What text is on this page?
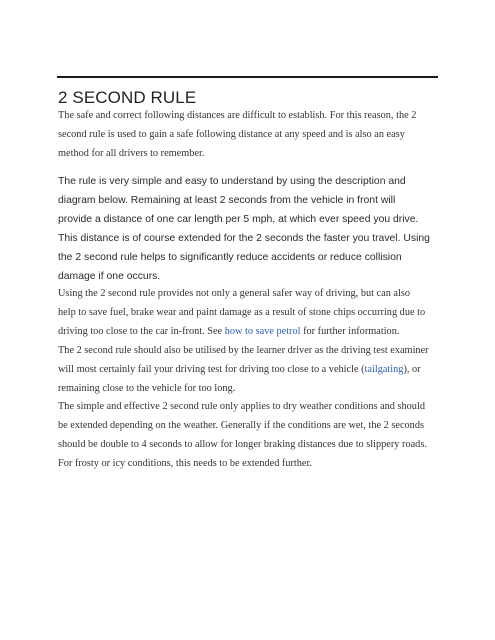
2 SECOND RULE
The safe and correct following distances are difficult to establish. For this reason, the 2
second rule is used to gain a safe following distance at any speed and is also an easy
method for all drivers to remember.
The rule is very simple and easy to understand by using the description and
diagram below. Remaining at least 2 seconds from the vehicle in front will
provide a distance of one car length per 5 mph, at which ever speed you drive.
This distance is of course extended for the 2 seconds the faster you travel. Using
the 2 second rule helps to significantly reduce accidents or reduce collision
damage if one occurs.
Using the 2 second rule provides not only a general safer way of driving, but can also
help to save fuel, brake wear and paint damage as a result of stone chips occurring due to
driving too close to the car in-front. See how to save petrol for further information.
The 2 second rule should also be utilised by the learner driver as the driving test examiner
will most certainly fail your driving test for driving too close to a vehicle (tailgating), or
remaining close to the vehicle for too long.
The simple and effective 2 second rule only applies to dry weather conditions and should
be extended depending on the weather. Generally if the conditions are wet, the 2 seconds
should be double to 4 seconds to allow for longer braking distances due to slippery roads.
For frosty or icy conditions, this needs to be extended further.
